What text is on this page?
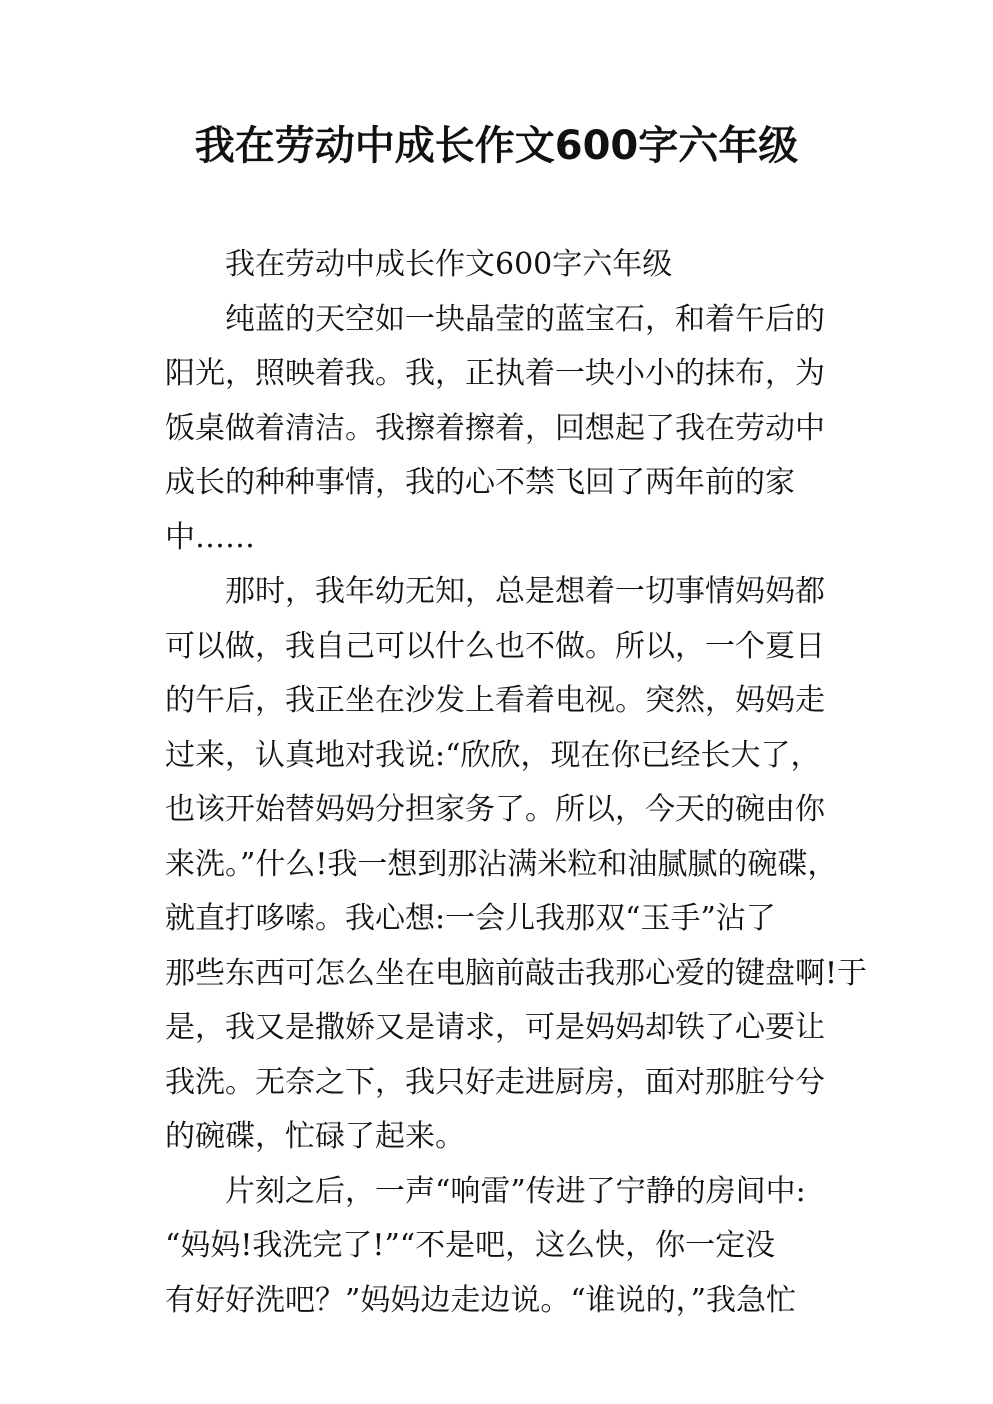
我在劳动中成长作文600字六年级
我在劳动中成长作文600字六年级
纯蓝的天空如一块晶莹的蓝宝石，和着午后的
阳光，照映着我。我，正执着一块小小的抹布，为
饭桌做着清洁。我擦着擦着，回想起了我在劳动中
成长的种种事情，我的心不禁飞回了两年前的家
中……
那时，我年幼无知，总是想着一切事情妈妈都
可以做，我自己可以什么也不做。所以，一个夏日
的午后，我正坐在沙发上看着电视。突然，妈妈走
过来，认真地对我说:“欣欣，现在你已经长大了，
也该开始替妈妈分担家务了。所以，今天的碗由你
来洗。”什么!我一想到那沾满米粒和油腻腻的碗碟，
就直打哆嗦。我心想:一会儿我那双“玉手”沾了
那些东西可怎么坐在电脑前敲击我那心爱的键盘啊!于
是，我又是撒娇又是请求，可是妈妈却铁了心要让
我洗。无奈之下，我只好走进厨房，面对那脏兮兮
的碗碟，忙碌了起来。
片刻之后，一声“响雷”传进了宁静的房间中:
“妈妈!我洗完了!”“不是吧，这么快，你一定没
有好好洗吧？”妈妈边走边说。“谁说的，”我急忙
